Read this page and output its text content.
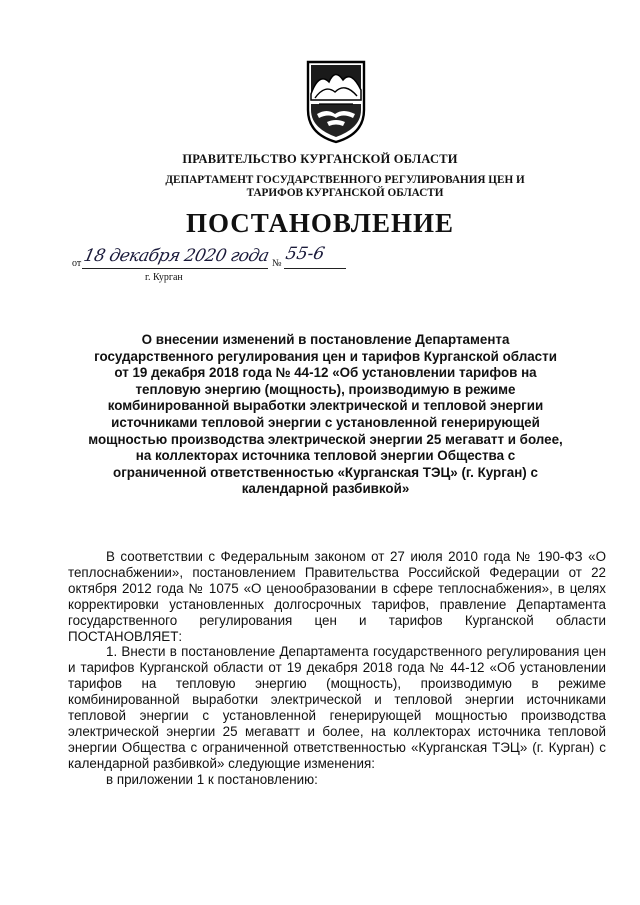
ПРАВИТЕЛЬСТВО КУРГАНСКОЙ ОБЛАСТИ
ДЕПАРТАМЕНТ ГОСУДАРСТВЕННОГО РЕГУЛИРОВАНИЯ ЦЕН И ТАРИФОВ КУРГАНСКОЙ ОБЛАСТИ
ПОСТАНОВЛЕНИЕ
от 18 декабря 2020 года № 55-6
г. Курган
О внесении изменений в постановление Департамента государственного регулирования цен и тарифов Курганской области от 19 декабря 2018 года № 44-12 «Об установлении тарифов на тепловую энергию (мощность), производимую в режиме комбинированной выработки электрической и тепловой энергии источниками тепловой энергии с установленной генерирующей мощностью производства электрической энергии 25 мегаватт и более, на коллекторах источника тепловой энергии Общества с ограниченной ответственностью «Курганская ТЭЦ» (г. Курган) с календарной разбивкой»

В соответствии с Федеральным законом от 27 июля 2010 года № 190-ФЗ «О теплоснабжении», постановлением Правительства Российской Федерации от 22 октября 2012 года № 1075 «О ценообразовании в сфере теплоснабжения», в целях корректировки установленных долгосрочных тарифов, правление Департамента государственного регулирования цен и тарифов Курганской области ПОСТАНОВЛЯЕТ:

1. Внести в постановление Департамента государственного регулирования цен и тарифов Курганской области от 19 декабря 2018 года № 44-12 «Об установлении тарифов на тепловую энергию (мощность), производимую в режиме комбинированной выработки электрической и тепловой энергии источниками тепловой энергии с установленной генерирующей мощностью производства электрической энергии 25 мегаватт и более, на коллекторах источника тепловой энергии Общества с ограниченной ответственностью «Курганская ТЭЦ» (г. Курган) с календарной разбивкой» следующие изменения:

в приложении 1 к постановлению:
